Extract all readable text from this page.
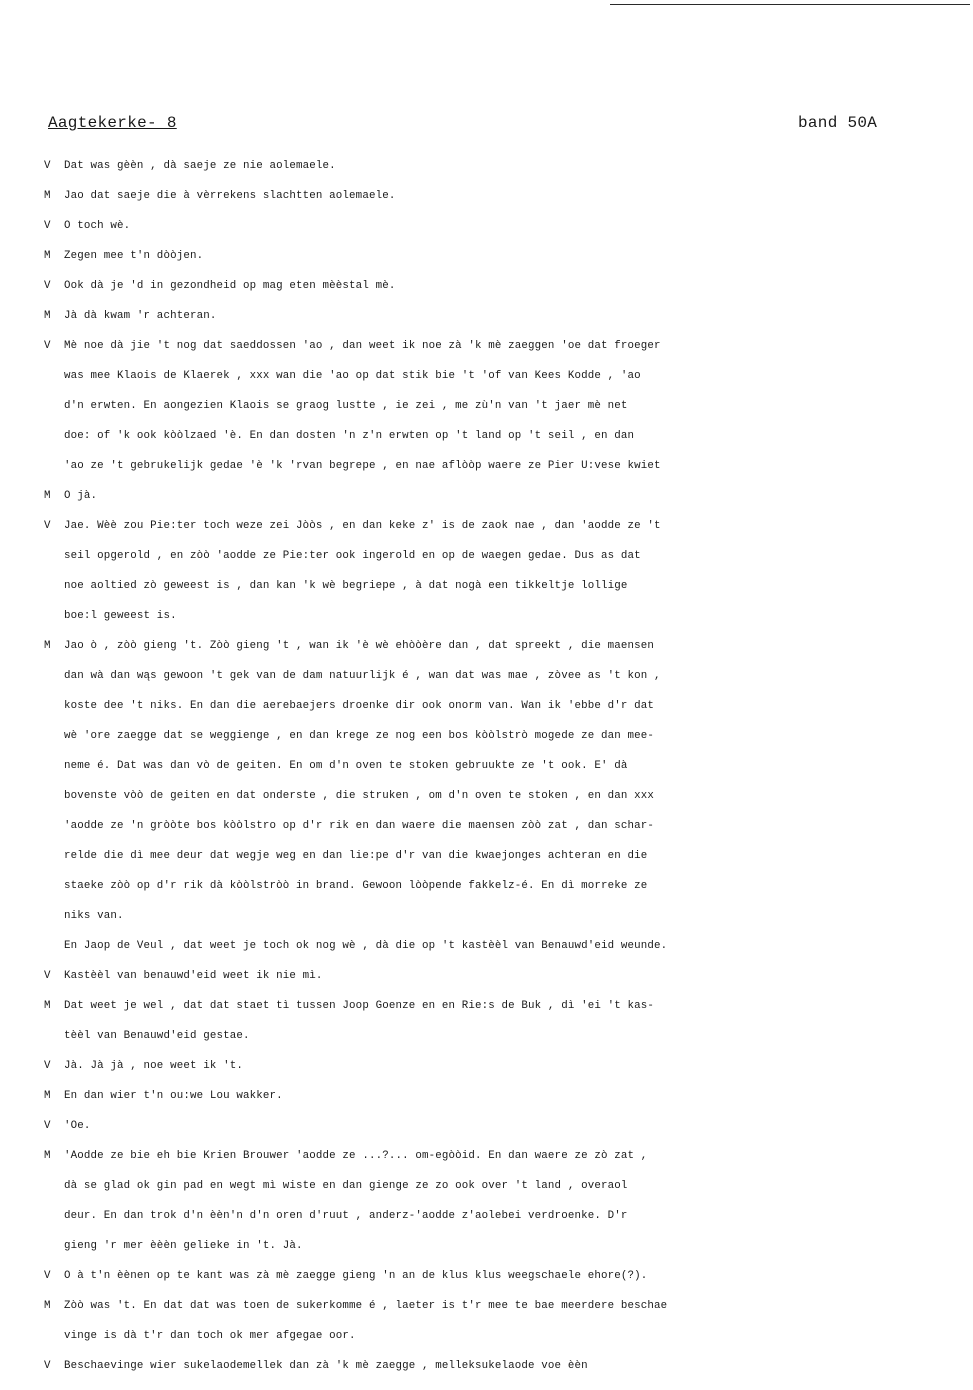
Aagtekerke- 8	band 50A
V Dat was gèèn , dà saeje ze nie aolemaele.
M Jao dat saeje die à vèrrekens slachtten aolemaele.
V O toch wè.
M Zegen mee t'n dòòjen.
V Ook dà je 'd in gezondheid op mag eten mèèstal mè.
M Jà dà kwam 'r achteran.
V Mè noe dà jie 't nog dat saeddossen 'ao , dan weet ik noe zà 'k mè zaeggen 'oe dat froeger
was mee Klaois de Klaerek , xxx wan die 'ao op dat stik bie 't 'of van Kees Kodde , 'ao
d'n erwten. En aongezien Klaois se graog lustte , ie zei , me zù'n van 't jaer mè net
doe: of 'k ook kòòlzaed 'è. En dan dosten 'n z'n erwten op 't land op 't seil , en dan
'ao ze 't gebrukelijk gedae 'è 'k 'rvan begrepe , en nae aflòòp waere ze Pier U:vese kwiet
M O jà.
V Jae. Wèè zou Pie:ter toch weze zei Jòòs , en dan keke z' is de zaok nae , dan 'aodde ze 't
seil opgerold , en zòò 'aodde ze Pie:ter ook ingerold en op de waegen gedae. Dus as dat
noe aoltied zò geweest is , dan kan 'k wè begriepe , à dat nogà een tikkeltje lollige
boe:l geweest is.
M Jao ò , zòò gieng 't. Zòò gieng 't , wan ik 'è wè ehòòère dan , dat spreekt , die maensen
dan wà dan wąs gewoon 't gek van de dam natuurlijk é , wan dat was mae , zòvee as 't kon ,
koste dee 't niks. En dan die aerebaejers droenke dir ook onorm van. Wan ik 'ebbe d'r dat
wè 'ore zaegge dat se weggienge , en dan krege ze nog een bos kòòlstrò mogede ze dan mee-
neme é. Dat was dan vò de geiten. En om d'n oven te stoken gebruukte ze 't ook. E' dà
bovenste vòò de geiten en dat onderste , die struken , om d'n oven te stoken , en dan xxx
'aodde ze 'n gròòte bos kòòlstro op d'r rik en dan waere die maensen zòò zat , dan schar-
relde die dì mee deur dat wegje weg en dan lie:pe d'r van die kwaejonges achteran en die
staeke zòò op d'r rik dà kòòlstròò in brand. Gewoon lòòpende fakkelz-é. En dì morreke ze
niks van.
En Jaop de Veul , dat weet je toch ok nog wè , dà die op 't kastèèl van Benauwd'eid weunde.
V Kastèèl van benauwd'eid weet ik nie mì.
M Dat weet je wel , dat dat staet tì tussen Joop Goenze en en Rie:s de Buk , dì 'ei 't kas-
tèèl van Benauwd'eid gestae.
V Jà. Jà jà , noe weet ik 't.
M En dan wier t'n ou:we Lou wakker.
V 'Oe.
M 'Aodde ze bie eh bie Krien Brouwer 'aodde ze ...?... om-egòòid. En dan waere ze zò zat ,
dà se glad ok gin pad en wegt mì wiste en dan gienge ze zo ook over 't land , overaol
deur. En dan trok d'n èèn'n d'n oren d'ruut , anderz-'aodde z'aolebei verdroenke. D'r
gieng 'r mer èèèn gelieke in 't. Jà.
V O à t'n èènen op te kant was zà mè zaegge gieng 'n an de klus klus weegschaele ehore(?).
M Zòò was 't. En dat dat was toen de sukerkomme é , laeter is t'r mee te bae meerdere beschae
vinge is dà t'r dan toch ok mer afgegae oor.
V Beschaevinge wier sukelaodemellek dan zà 'k mè zaegge , melleksukelaode voe èèn
